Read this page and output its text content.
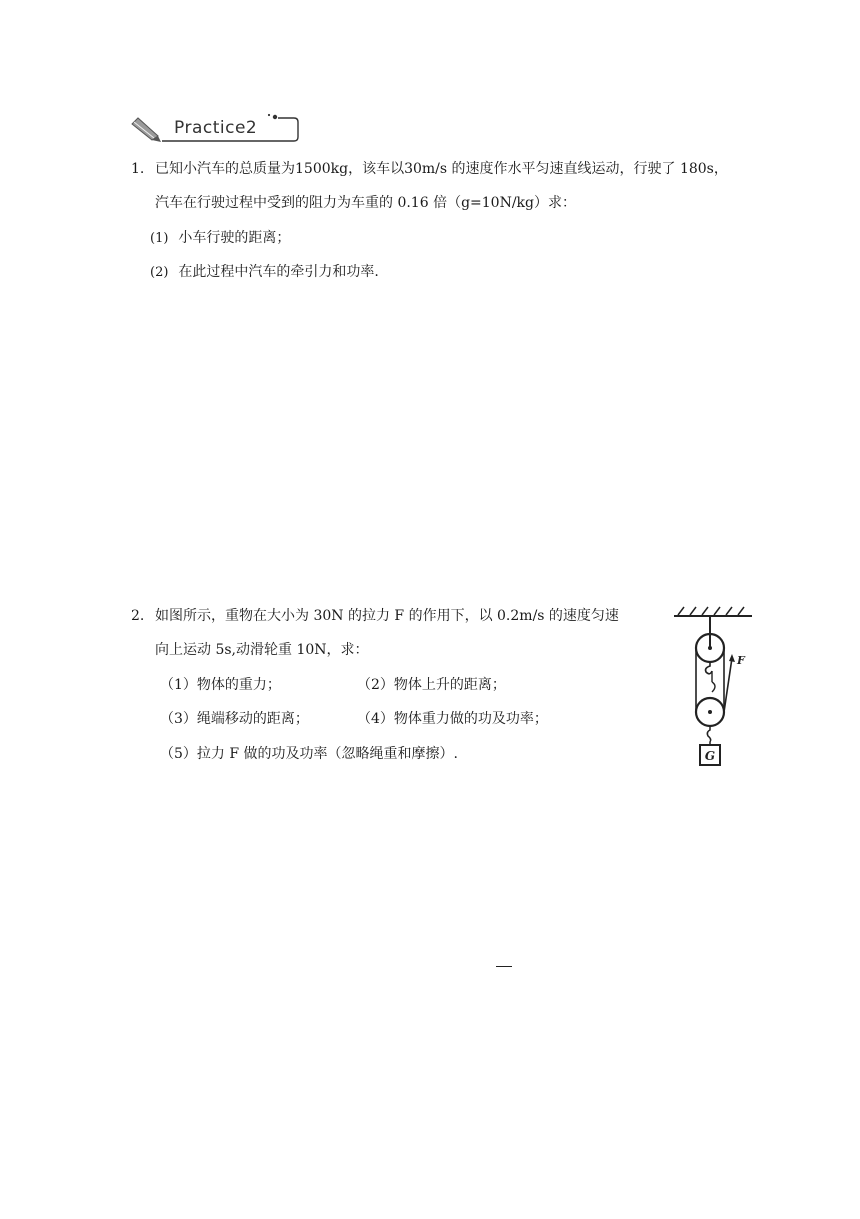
Practice2
1. 已知小汽车的总质量为1500kg，该车以30m/s 的速度作水平匀速直线运动，行驶了 180s，
汽车在行驶过程中受到的阻力为车重的 0.16 倍（g=10N/kg）求：
(1) 小车行驶的距离；
(2) 在此过程中汽车的牵引力和功率.
2. 如图所示，重物在大小为 30N 的拉力 F 的作用下，以 0.2m/s 的速度匀速
向上运动 5s,动滑轮重 10N，求：
（1）物体的重力；	（2）物体上升的距离；
（3）绳端移动的距离；	（4）物体重力做的功及功率；
（5）拉力 F 做的功及功率（忽略绳重和摩擦）.
F
G
